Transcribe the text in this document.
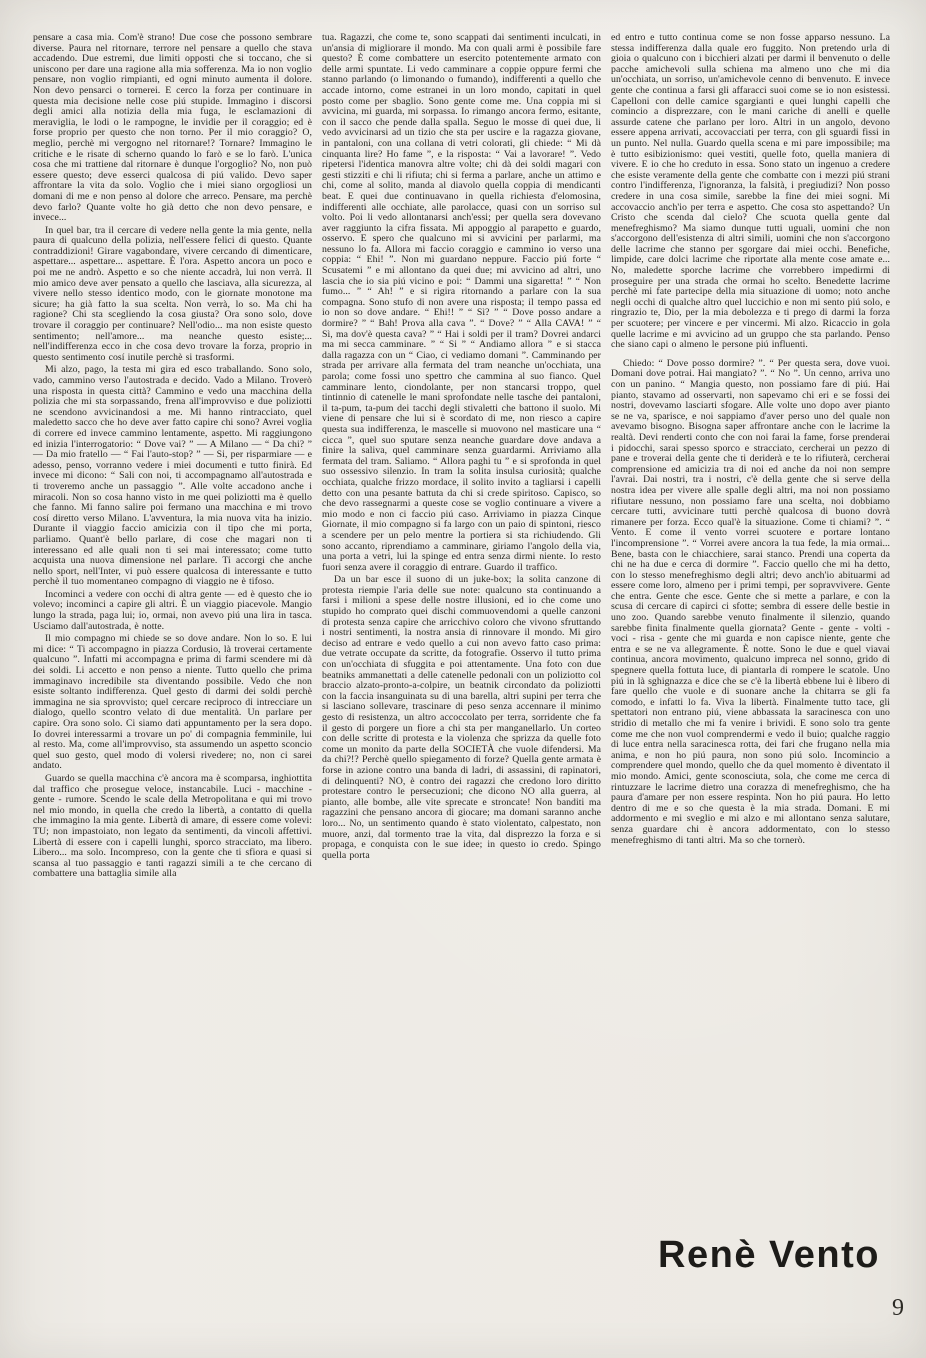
pensare a casa mia. Com'è strano! Due cose che possono sembrare diverse. Paura nel ritornare, terrore nel pensare a quello che stava accadendo. Due estremi, due limiti opposti che si toccano, che si uniscono per dare una ragione alla mia sofferenza. Ma io non voglio pensare, non voglio rimpianti, ed ogni minuto aumenta il dolore. Non devo pensarci o tornerei. E cerco la forza per continuare in questa mia decisione nelle cose piú stupide. Immagino i discorsi degli amici alla notizia della mia fuga, le esclamazioni di meraviglia, le lodi o le rampogne, le invidie per il coraggio; ed è forse proprio per questo che non torno. Per il mio coraggio? O, meglio, perchè mi vergogno nel ritornare!? Tornare? Immagino le critiche e le risate di scherno quando lo farò e se lo farò. L'unica cosa che mi trattiene dal ritornare è dunque l'orgoglio? No, non può essere questo; deve esserci qualcosa di piú valido. Devo saper affrontare la vita da solo. Voglio che i miei siano orgogliosi un domani di me e non penso al dolore che arreco. Pensare, ma perchè devo farlo? Quante volte ho già detto che non devo pensare, e invece...

In quel bar, tra il cercare di vedere nella gente la mia gente, nella paura di qualcuno della polizia, nell'essere felici di questo. Quante contraddizioni! Girare vagabondare, vivere cercando di dimenticare, aspettare... aspettare... aspettare. È l'ora. Aspetto ancora un poco e poi me ne andrò. Aspetto e so che niente accadrà, lui non verrà. Il mio amico deve aver pensato a quello che lasciava, alla sicurezza, al vivere nello stesso identico modo, con le giornate monotone ma sicure; ha già fatto la sua scelta. Non verrà, lo so. Ma chi ha ragione? Chi sta scegliendo la cosa giusta? Ora sono solo, dove trovare il coraggio per continuare? Nell'odio... ma non esiste questo sentimento; nell'amore... ma neanche questo esiste;... nell'indifferenza ecco in che cosa devo trovare la forza, proprio in questo sentimento cosí inutile perchè si trasformi.

Mi alzo, pago, la testa mi gira ed esco traballando. Sono solo, vado, cammino verso l'autostrada e decido. Vado a Milano. Troverò una risposta in questa città? Cammino e vedo una macchina della polizia che mi sta sorpassando, frena all'improvviso e due poliziotti ne scendono avvicinandosi a me. Mi hanno rintracciato, quel maledetto sacco che ho deve aver fatto capire chi sono? Avrei voglia di correre ed invece cammino lentamente, aspetto. Mi raggiungono ed inizia l'interrogatorio: “ Dove vai? ” — A Milano — “ Da chi? ” — Da mio fratello — “ Fai l'auto-stop? ” — Si, per risparmiare — e adesso, penso, vorranno vedere i miei documenti e tutto finirà. Ed invece mi dicono: “ Sali con noi, ti accompagnamo all'autostrada e ti troveremo anche un passaggio ”. Alle volte accadono anche i miracoli. Non so cosa hanno visto in me quei poliziotti ma è quello che fanno. Mi fanno salire poi fermano una macchina e mi trovo cosí diretto verso Milano. L'avventura, la mia nuova vita ha inizio. Durante il viaggio faccio amicizia con il tipo che mi porta, parliamo. Quant'è bello parlare, di cose che magari non ti interessano ed alle quali non ti sei mai interessato; come tutto acquista una nuova dimensione nel parlare. Ti accorgi che anche nello sport, nell'Inter, vi può essere qualcosa di interessante e tutto perchè il tuo momentaneo compagno di viaggio ne è tifoso.

Incominci a vedere con occhi di altra gente — ed è questo che io volevo; incominci a capire gli altri. È un viaggio piacevole. Mangio lungo la strada, paga lui; io, ormai, non avevo piú una lira in tasca. Usciamo dall'autostrada, è notte.

Il mio compagno mi chiede se so dove andare. Non lo so. E lui mi dice: “ Ti accompagno in piazza Cordusio, là troverai certamente qualcuno ”. Infatti mi accompagna e prima di farmi scendere mi dà dei soldi. Li accetto e non penso a niente. Tutto quello che prima immaginavo incredibile sta diventando possibile. Vedo che non esiste soltanto indifferenza. Quel gesto di darmi dei soldi perchè immagina ne sia sprovvisto; quel cercare reciproco di intrecciare un dialogo, quello scontro velato di due mentalità. Un parlare per capire. Ora sono solo. Ci siamo dati appuntamento per la sera dopo. Io dovrei interessarmi a trovare un po' di compagnia femminile, lui al resto. Ma, come all'improvviso, sta assumendo un aspetto sconcio quel suo gesto, quel modo di volersi rivedere; no, non ci sarei andato.

Guardo se quella macchina c'è ancora ma è scomparsa, inghiottita dal traffico che prosegue veloce, instancabile. Luci - macchine - gente - rumore. Scendo le scale della Metropolitana e qui mi trovo nel mio mondo, in quella che credo la libertà, a contatto di quella che immagino la mia gente. Libertà di amare, di essere come volevi: TU; non impastoiato, non legato da sentimenti, da vincoli affettivi. Libertà di essere con i capelli lunghi, sporco stracciato, ma libero. Libero... ma solo. Incompreso, con la gente che ti sfiora e quasi si scansa al tuo passaggio e tanti ragazzi simili a te che cercano di combattere una battaglia simile alla

tua. Ragazzi, che come te, sono scappati dai sentimenti inculcati, in un'ansia di migliorare il mondo. Ma con quali armi è possibile fare questo? È come combattere un esercito potentemente armato con delle armi spuntate. Li vedo camminare a coppie oppure fermi che stanno parlando (o limonando o fumando), indifferenti a quello che accade intorno, come estranei in un loro mondo, capitati in quel posto come per sbaglio. Sono gente come me. Una coppia mi si avvicina, mi guarda, mi sorpassa. Io rimango ancora fermo, esitante, con il sacco che pende dalla spalla. Seguo le mosse di quei due, li vedo avvicinarsi ad un tizio che sta per uscire e la ragazza giovane, in pantaloni, con una collana di vetri colorati, gli chiede: “ Mi dà cinquanta lire? Ho fame ”, e la risposta: “ Vai a lavorare! ”. Vedo ripetersi l'identica manovra altre volte; chi dà dei soldi magari con gesti stizziti e chi li rifiuta; chi si ferma a parlare, anche un attimo e chi, come al solito, manda al diavolo quella coppia di mendicanti beat. E quei due continuavano in quella richiesta d'elomosina, indifferenti alle occhiate, alle parolacce, quasi con un sorriso sul volto. Poi li vedo allontanarsi anch'essi; per quella sera dovevano aver raggiunto la cifra fissata. Mi appoggio al parapetto e guardo, osservo. E spero che qualcuno mi si avvicini per parlarmi, ma nessuno lo fa. Allora mi faccio coraggio e cammino io verso una coppia: “ Ehi! ”. Non mi guardano neppure. Faccio piú forte “ Scusatemi ” e mi allontano da quei due; mi avvicino ad altri, uno lascia che io sia piú vicino e poi: “ Dammi una sigaretta! ” “ Non fumo... ” “ Ah! ” e si rigira ritornando a parlare con la sua compagna. Sono stufo di non avere una risposta; il tempo passa ed io non so dove andare. “ Ehi!! ” “ Sì? ” “ Dove posso andare a dormire? ” “ Bah! Prova alla cava ”. “ Dove? ” “ Alla CAVA! ” “ Sì, ma dov'è questa cava? ” “ Hai i soldi per il tram? Dovrei andarci ma mi secca camminare. ” “ Si ” “ Andiamo allora ” e si stacca dalla ragazza con un “ Ciao, ci vediamo domani ”. Camminando per strada per arrivare alla fermata del tram neanche un'occhiata, una parola; come fossi uno spettro che cammina al suo fianco. Quel camminare lento, ciondolante, per non stancarsi troppo, quel tintinnio di catenelle le mani sprofondate nelle tasche dei pantaloni, il ta-pum, ta-pum dei tacchi degli stivaletti che battono il suolo. Mi viene di pensare che lui si è scordato di me, non riesco a capire questa sua indifferenza, le mascelle si muovono nel masticare una “ cicca ”, quel suo sputare senza neanche guardare dove andava a finire la saliva, quel camminare senza guardarmi. Arriviamo alla fermata del tram. Saliamo. “ Allora paghi tu ” e si sprofonda in quel suo ossessivo silenzio. In tram la solita insulsa curiosità; qualche occhiata, qualche frizzo mordace, il solito invito a tagliarsi i capelli detto con una pesante battuta da chi si crede spiritoso. Capisco, so che devo rassegnarmi a queste cose se voglio continuare a vivere a mio modo e non ci faccio piú caso. Arriviamo in piazza Cinque Giornate, il mio compagno si fa largo con un paio di spintoni, riesco a scendere per un pelo mentre la portiera si sta richiudendo. Gli sono accanto, riprendiamo a camminare, giriamo l'angolo della via, una porta a vetri, lui la spinge ed entra senza dirmi niente. Io resto fuori senza avere il coraggio di entrare. Guardo il traffico.

Da un bar esce il suono di un juke-box; la solita canzone di protesta riempie l'aria delle sue note: qualcuno sta continuando a farsi i milioni a spese delle nostre illusioni, ed io che come uno stupido ho comprato quei dischi commuovendomi a quelle canzoni di protesta senza capire che arricchivo coloro che vivono sfruttando i nostri sentimenti, la nostra ansia di rinnovare il mondo. Mi giro deciso ad entrare e vedo quello a cui non avevo fatto caso prima: due vetrate occupate da scritte, da fotografie. Osservo il tutto prima con un'occhiata di sfuggita e poi attentamente. Una foto con due beatniks ammanettati a delle catenelle pedonali con un poliziotto col braccio alzato-pronto-a-colpire, un beatnik circondato da poliziotti con la faccia insanguinata su di una barella, altri supini per terra che si lasciano sollevare, trascinare di peso senza accennare il minimo gesto di resistenza, un altro accoccolato per terra, sorridente che fa il gesto di porgere un fiore a chi sta per manganellarlo. Un corteo con delle scritte di protesta e la violenza che sprizza da quelle foto come un monito da parte della SOCIETÀ che vuole difendersi. Ma da chi?!? Perchè quello spiegamento di forze? Quella gente armata è forse in azione contro una banda di ladri, di assassini, di rapinatori, di delinquenti? NO, è contro dei ragazzi che credono loro diritto protestare contro le persecuzioni; che dicono NO alla guerra, al pianto, alle bombe, alle vite sprecate e stroncate! Non banditi ma ragazzini che pensano ancora di giocare; ma domani saranno anche loro... No, un sentimento quando è stato violentato, calpestato, non muore, anzi, dal tormento trae la vita, dal disprezzo la forza e si propaga, e conquista con le sue idee; in questo io credo. Spingo quella porta

ed entro e tutto continua come se non fosse apparso nessuno. La stessa indifferenza dalla quale ero fuggito. Non pretendo urla di gioia o qualcuno con i bicchieri alzati per darmi il benvenuto o delle pacche amichevoli sulla schiena ma almeno uno che mi dia un'occhiata, un sorriso, un'amichevole cenno di benvenuto. E invece gente che continua a farsi gli affaracci suoi come se io non esistessi. Capelloni con delle camice sgargianti e quei lunghi capelli che comincio a disprezzare, con le mani cariche di anelli e quelle assurde catene che parlano per loro. Altri in un angolo, devono essere appena arrivati, accovacciati per terra, con gli sguardi fissi in un punto. Nel nulla. Guardo quella scena e mi pare impossibile; ma è tutto esibizionismo: quei vestiti, quelle foto, quella maniera di vivere. E io che ho creduto in essa. Sono stato un ingenuo a credere che esiste veramente della gente che combatte con i mezzi piú strani contro l'indifferenza, l'ignoranza, la falsità, i pregiudizi? Non posso credere in una cosa simile, sarebbe la fine dei miei sogni. Mi accovaccio anch'io per terra e aspetto. Che cosa sto aspettando? Un Cristo che scenda dal cielo? Che scuota quella gente dal menefreghismo? Ma siamo dunque tutti uguali, uomini che non s'accorgono dell'esistenza di altri simili, uomini che non s'accorgono delle lacrime che stanno per sgorgare dai miei occhi. Benefiche, limpide, care dolci lacrime che riportate alla mente cose amate e... No, maledette sporche lacrime che vorrebbero impedirmi di proseguire per una strada che ormai ho scelto. Benedette lacrime perchè mi fate partecipe della mia situazione di uomo; noto anche negli occhi di qualche altro quel luccichio e non mi sento piú solo, e ringrazio te, Dio, per la mia debolezza e ti prego di darmi la forza per scuotere; per vincere e per vincermi. Mi alzo. Ricaccio in gola quelle lacrime e mi avvicino ad un gruppo che sta parlando. Penso che siano capi o almeno le persone piú influenti.

Chiedo: “ Dove posso dormire? ”. “ Per questa sera, dove vuoi. Domani dove potrai. Hai mangiato? ”. “ No ”. Un cenno, arriva uno con un panino. “ Mangia questo, non possiamo fare di piú. Hai pianto, stavamo ad osservarti, non sapevamo chi eri e se fossi dei nostri, dovevamo lasciarti sfogare. Alle volte uno dopo aver pianto se ne va, sparisce, e noi sappiamo d'aver perso uno del quale non avevamo bisogno. Bisogna saper affrontare anche con le lacrime la realtà. Devi renderti conto che con noi farai la fame, forse prenderai i pidocchi, sarai spesso sporco e stracciato, cercherai un pezzo di pane e troverai della gente che ti deriderà e te lo rifiuterà, cercherai comprensione ed amicizia tra di noi ed anche da noi non sempre l'avrai. Dai nostri, tra i nostri, c'è della gente che si serve della nostra idea per vivere alle spalle degli altri, ma noi non possiamo rifiutare nessuno, non possiamo fare una scelta, noi dobbiamo cercare tutti, avvicinare tutti perchè qualcosa di buono dovrà rimanere per forza. Ecco qual'è la situazione. Come ti chiami? ”. “ Vento. E come il vento vorrei scuotere e portare lontano l'incomprensione ”. “ Vorrei avere ancora la tua fede, la mia ormai... Bene, basta con le chiacchiere, sarai stanco. Prendi una coperta da chi ne ha due e cerca di dormire ”. Faccio quello che mi ha detto, con lo stesso menefreghismo degli altri; devo anch'io abituarmi ad essere come loro, almeno per i primi tempi, per sopravvivere. Gente che entra. Gente che esce. Gente che si mette a parlare, e con la scusa di cercare di capirci ci sfotte; sembra di essere delle bestie in uno zoo. Quando sarebbe venuto finalmente il silenzio, quando sarebbe finita finalmente quella giornata? Gente - gente - volti - voci - risa - gente che mi guarda e non capisce niente, gente che entra e se ne va allegramente. È notte. Sono le due e quel viavai continua, ancora movimento, qualcuno impreca nel sonno, grido di spegnere quella fottuta luce, di piantarla di rompere le scatole. Uno piú in là sghignazza e dice che se c'è la libertà ebbene lui è libero di fare quello che vuole e di suonare anche la chitarra se gli fa comodo, e infatti lo fa. Viva la libertà. Finalmente tutto tace, gli spettatori non entrano piú, viene abbassata la saracinesca con uno stridìo di metallo che mi fa venire i brividi. E sono solo tra gente come me che non vuol comprendermi e vedo il buio; qualche raggio di luce entra nella saracinesca rotta, dei fari che frugano nella mia anima, e non ho piú paura, non sono piú solo. Incomincio a comprendere quel mondo, quello che da quel momento è diventato il mio mondo. Amici, gente sconosciuta, sola, che come me cerca di rintuzzare le lacrime dietro una corazza di menefreghismo, che ha paura d'amare per non essere respinta. Non ho piú paura. Ho letto dentro di me e so che questa è la mia strada. Domani. E mi addormento e mi sveglio e mi alzo e mi allontano senza salutare, senza guardare chi è ancora addormentato, con lo stesso menefreghismo di tanti altri. Ma so che tornerò.

Renè Vento
9
